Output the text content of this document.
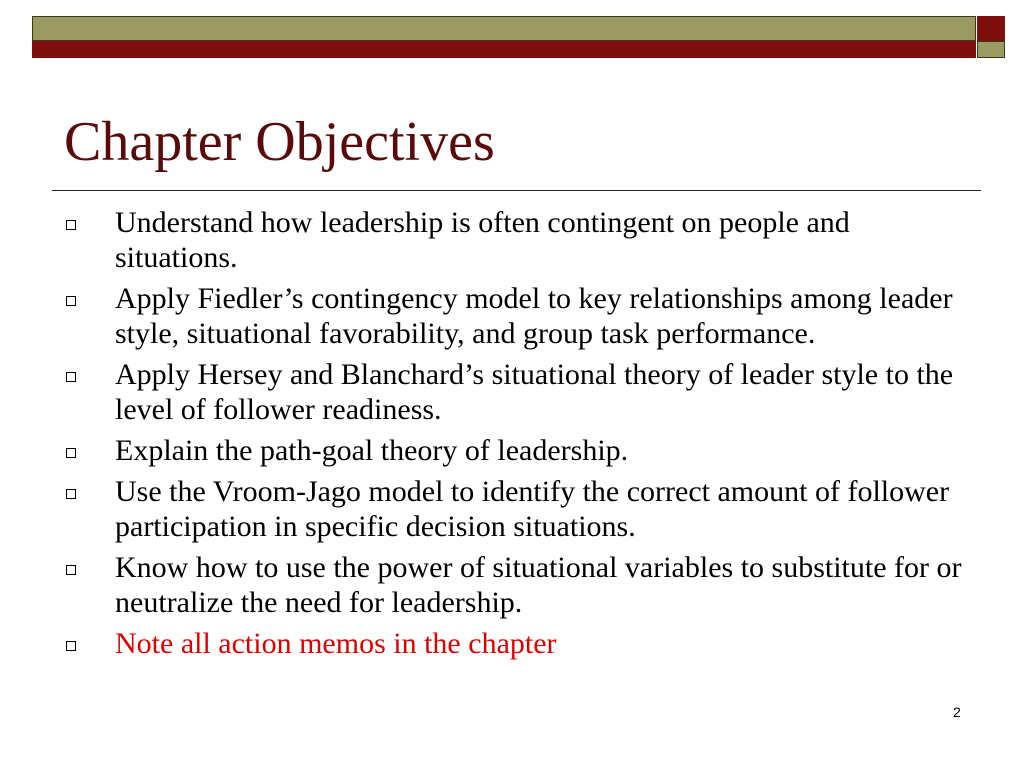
Chapter Objectives
Understand how leadership is often contingent on people and situations.
Apply Fiedler’s contingency model to key relationships among leader style, situational favorability, and group task performance.
Apply Hersey and Blanchard’s situational theory of leader style to the level of follower readiness.
Explain the path-goal theory of leadership.
Use the Vroom-Jago model to identify the correct amount of follower participation in specific decision situations.
Know how to use the power of situational variables to substitute for or neutralize the need for leadership.
Note all action memos in the chapter
2
